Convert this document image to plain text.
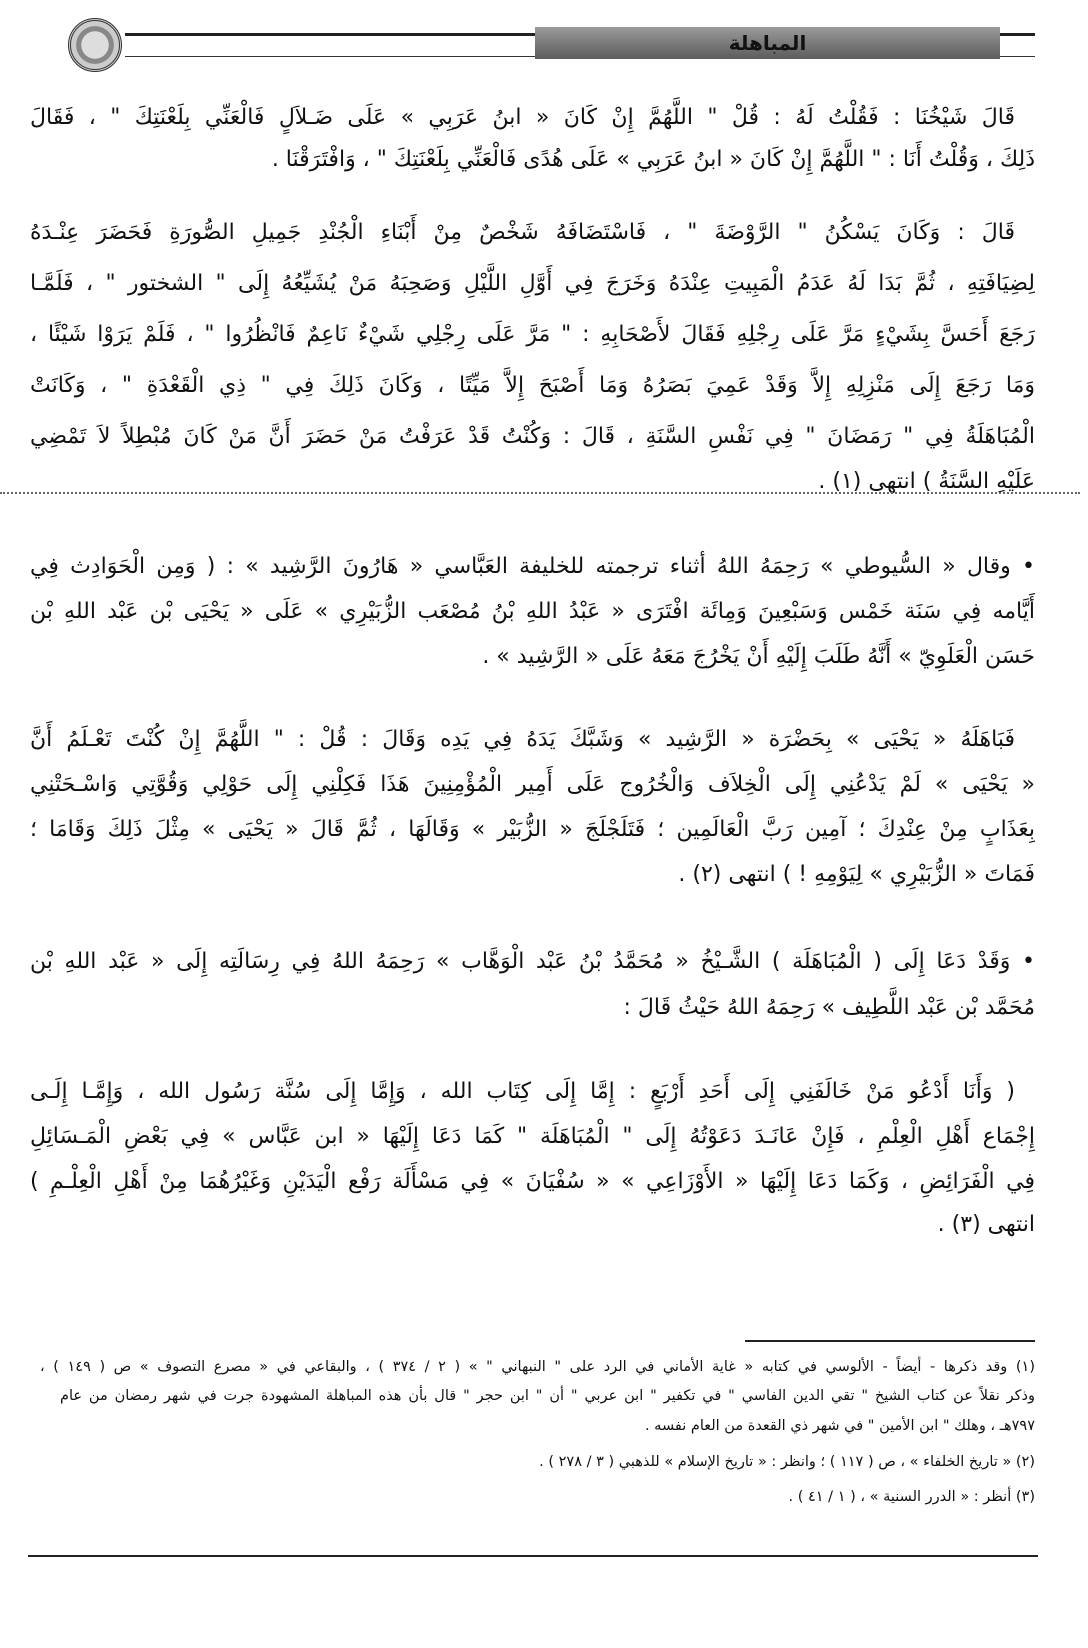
المباهلة
قَالَ شَيْخُنَا : فَقُلْتُ لَهُ : قُلْ " اللَّهُمَّ إِنْ كَانَ « ابنُ عَرَبِي » عَلَى ضَـلاَلٍ فَالْعَنِّي بِلَعْنَتِكَ " ، فَقَالَ
ذَلِكَ ، وَقُلْتُ أَنَا : " اللَّهُمَّ إِنْ كَانَ « ابنُ عَرَبِي » عَلَى هُدًى فَالْعَنِّي بِلَعْنَتِكَ " ، وَافْتَرَقْنَا .
قَالَ : وَكَانَ يَسْكُنُ " الرَّوْضَةَ " ، فَاسْتَضَافَهُ شَخْصٌ مِنْ أَبْنَاءِ الْجُنْدِ جَمِيلِ الصُّورَةِ فَحَضَرَ عِنْـدَهُ
لِضِيَافَتِهِ ، ثُمَّ بَدَا لَهُ عَدَمُ الْمَبِيتِ عِنْدَهُ وَخَرَجَ فِي أَوَّلِ اللَّيْلِ وَصَحِبَهُ مَنْ يُشَيِّعُهُ إِلَى " الشختور " ، فَلَمَّـا
رَجَعَ أَحَسَّ بِشَيْءٍ مَرَّ عَلَى رِجْلِهِ فَقَالَ لأَصْحَابِهِ : " مَرَّ عَلَى رِجْلِي شَيْءٌ نَاعِمٌ فَانْظُرُوا " ، فَلَمْ يَرَوْا شَيْئًا ،
وَمَا رَجَعَ إِلَى مَنْزِلِهِ إِلاَّ وَقَدْ عَمِيَ بَصَرُهُ وَمَا أَصْبَحَ إِلاَّ مَيِّتًا ، وَكَانَ ذَلِكَ فِي " ذِي الْقَعْدَةِ " ، وَكَانَتْ
الْمُبَاهَلَةُ فِي " رَمَضَانَ " فِي نَفْسِ السَّنَةِ ، قَالَ : وَكُنْتُ قَدْ عَرَفْتُ مَنْ حَضَرَ أَنَّ مَنْ كَانَ مُبْطِلاً لاَ تَمْضِي
عَلَيْهِ السَّنَةُ ) انتهى (١) .
• وقال « السُّيوطي » رَحِمَهُ اللهُ أثناء ترجمته للخليفة العَبَّاسي « هَارُونَ الرَّشِيد » : ( وَمِن الْحَوَادِث فِي
أَيَّامه فِي سَنَة خَمْس وَسَبْعِينَ وَمِائَة افْتَرَى « عَبْدُ اللهِ بْنُ مُصْعَب الزُّبَيْرِي » عَلَى « يَحْيَى بْن عَبْد اللهِ بْن
حَسَن الْعَلَوِيّ » أَنَّهُ طَلَبَ إِلَيْهِ أَنْ يَخْرُجَ مَعَهُ عَلَى « الرَّشِيد » .
فَبَاهَلَهُ « يَحْيَى » بِحَضْرَة « الرَّشِيد » وَشَبَّكَ يَدَهُ فِي يَدِه وَقَالَ : قُلْ : " اللَّهُمَّ إِنْ كُنْتَ تَعْـلَمُ أَنَّ
« يَحْيَى » لَمْ يَدْعُنِي إِلَى الْخِلاَف وَالْخُرُوج عَلَى أَمِير الْمُؤْمِنِينَ هَذَا فَكِلْنِي إِلَى حَوْلِي وَقُوَّتِي وَاسْـحَتْنِي
بِعَذَابٍ مِنْ عِنْدِكَ ؛ آمِين رَبَّ الْعَالَمِين ؛ فَتَلَجْلَجَ « الزُّبَيْر » وَقَالَهَا ، ثُمَّ قَالَ « يَحْيَى » مِثْلَ ذَلِكَ وَقَامَا ؛
فَمَاتَ « الزُّبَيْرِي » لِيَوْمِهِ ! ) انتهى (٢) .
• وَقَدْ دَعَا إِلَى ( الْمُبَاهَلَة ) الشَّـيْخُ « مُحَمَّدُ بْنُ عَبْد الْوَهَّاب » رَحِمَهُ اللهُ فِي رِسَالَتِه إِلَى « عَبْد اللهِ بْن
مُحَمَّد بْن عَبْد اللَّطِيف » رَحِمَهُ اللهُ حَيْثُ قَالَ :
( وَأَنَا أَدْعُو مَنْ خَالَفَنِي إِلَى أَحَدِ أَرْبَعٍ : إِمَّا إِلَى كِتَاب الله ، وَإِمَّا إِلَى سُنَّة رَسُول الله ، وَإِمَّـا إِلَـى
إِجْمَاع أَهْلِ الْعِلْمِ ، فَإِنْ عَانَـدَ دَعَوْتُهُ إِلَى " الْمُبَاهَلَة " كَمَا دَعَا إِلَيْهَا « ابن عَبَّاس » فِي بَعْضِ الْمَـسَائِلِ
فِي الْفَرَائِضِ ، وَكَمَا دَعَا إِلَيْهَا « الأَوْزَاعِي » « سُفْيَانَ » فِي مَسْأَلَة رَفْع الْيَدَيْنِ وَغَيْرُهُمَا مِنْ أَهْلِ الْعِلْـمِ )
انتهى (٣) .
(١) وقد ذكرها - أيضاً - الألوسي في كتابه « غاية الأماني في الرد على " النبهاني " » ( ٢ / ٣٧٤ ) ، والبقاعي في « مصرع التصوف » ص ( ١٤٩ ) ،
وذكر نقلاً عن كتاب الشيخ " تقي الدين الفاسي " في تكفير " ابن عربي " أن " ابن حجر " قال بأن هذه المباهلة المشهودة جرت في شهر رمضان من عام
٧٩٧هـ ، وهلك " ابن الأمين " في شهر ذي القعدة من العام نفسه .
(٢) « تاريخ الخلفاء » ، ص ( ١١٧ ) ؛ وانظر : « تاريخ الإسلام » للذهبي ( ٣ / ٢٧٨ ) .
(٣) أنظر : « الدرر السنية » ، ( ١ / ٤١ ) .
